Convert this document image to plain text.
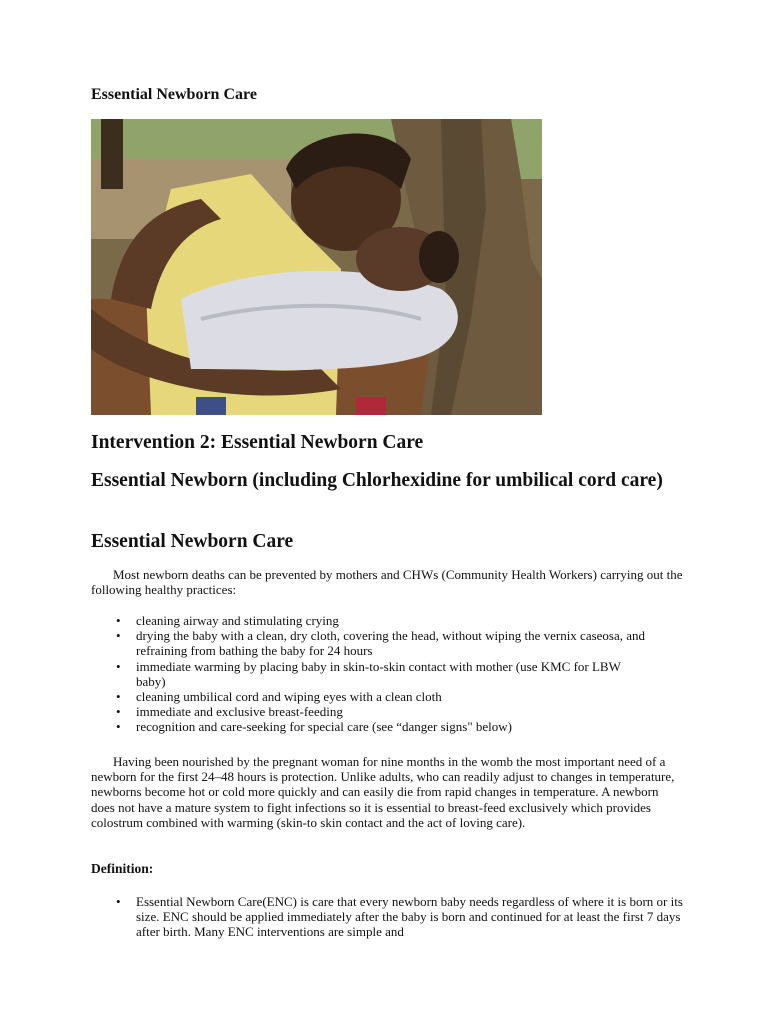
Essential Newborn Care
Intervention 2: Essential Newborn Care
Essential Newborn (including Chlorhexidine for umbilical cord care)
Essential Newborn Care

Most newborn deaths can be prevented by mothers and CHWs (Community Health Workers) carrying out the following healthy practices:

• cleaning airway and stimulating crying
• drying the baby with a clean, dry cloth, covering the head, without wiping the vernix caseosa, and refraining from bathing the baby for 24 hours
• immediate warming by placing baby in skin-to-skin contact with mother (use KMC for LBW baby)
• cleaning umbilical cord and wiping eyes with a clean cloth
• immediate and exclusive breast-feeding
• recognition and care-seeking for special care (see “danger signs" below)

Having been nourished by the pregnant woman for nine months in the womb the most important need of a newborn for the first 24–48 hours is protection. Unlike adults, who can readily adjust to changes in temperature, newborns become hot or cold more quickly and can easily die from rapid changes in temperature. A newborn does not have a mature system to fight infections so it is essential to breast-feed exclusively which provides colostrum combined with warming (skin-to skin contact and the act of loving care).

Definition:
• Essential Newborn Care(ENC) is care that every newborn baby needs regardless of where it is born or its size. ENC should be applied immediately after the baby is born and continued for at least the first 7 days after birth. Many ENC interventions are simple and
